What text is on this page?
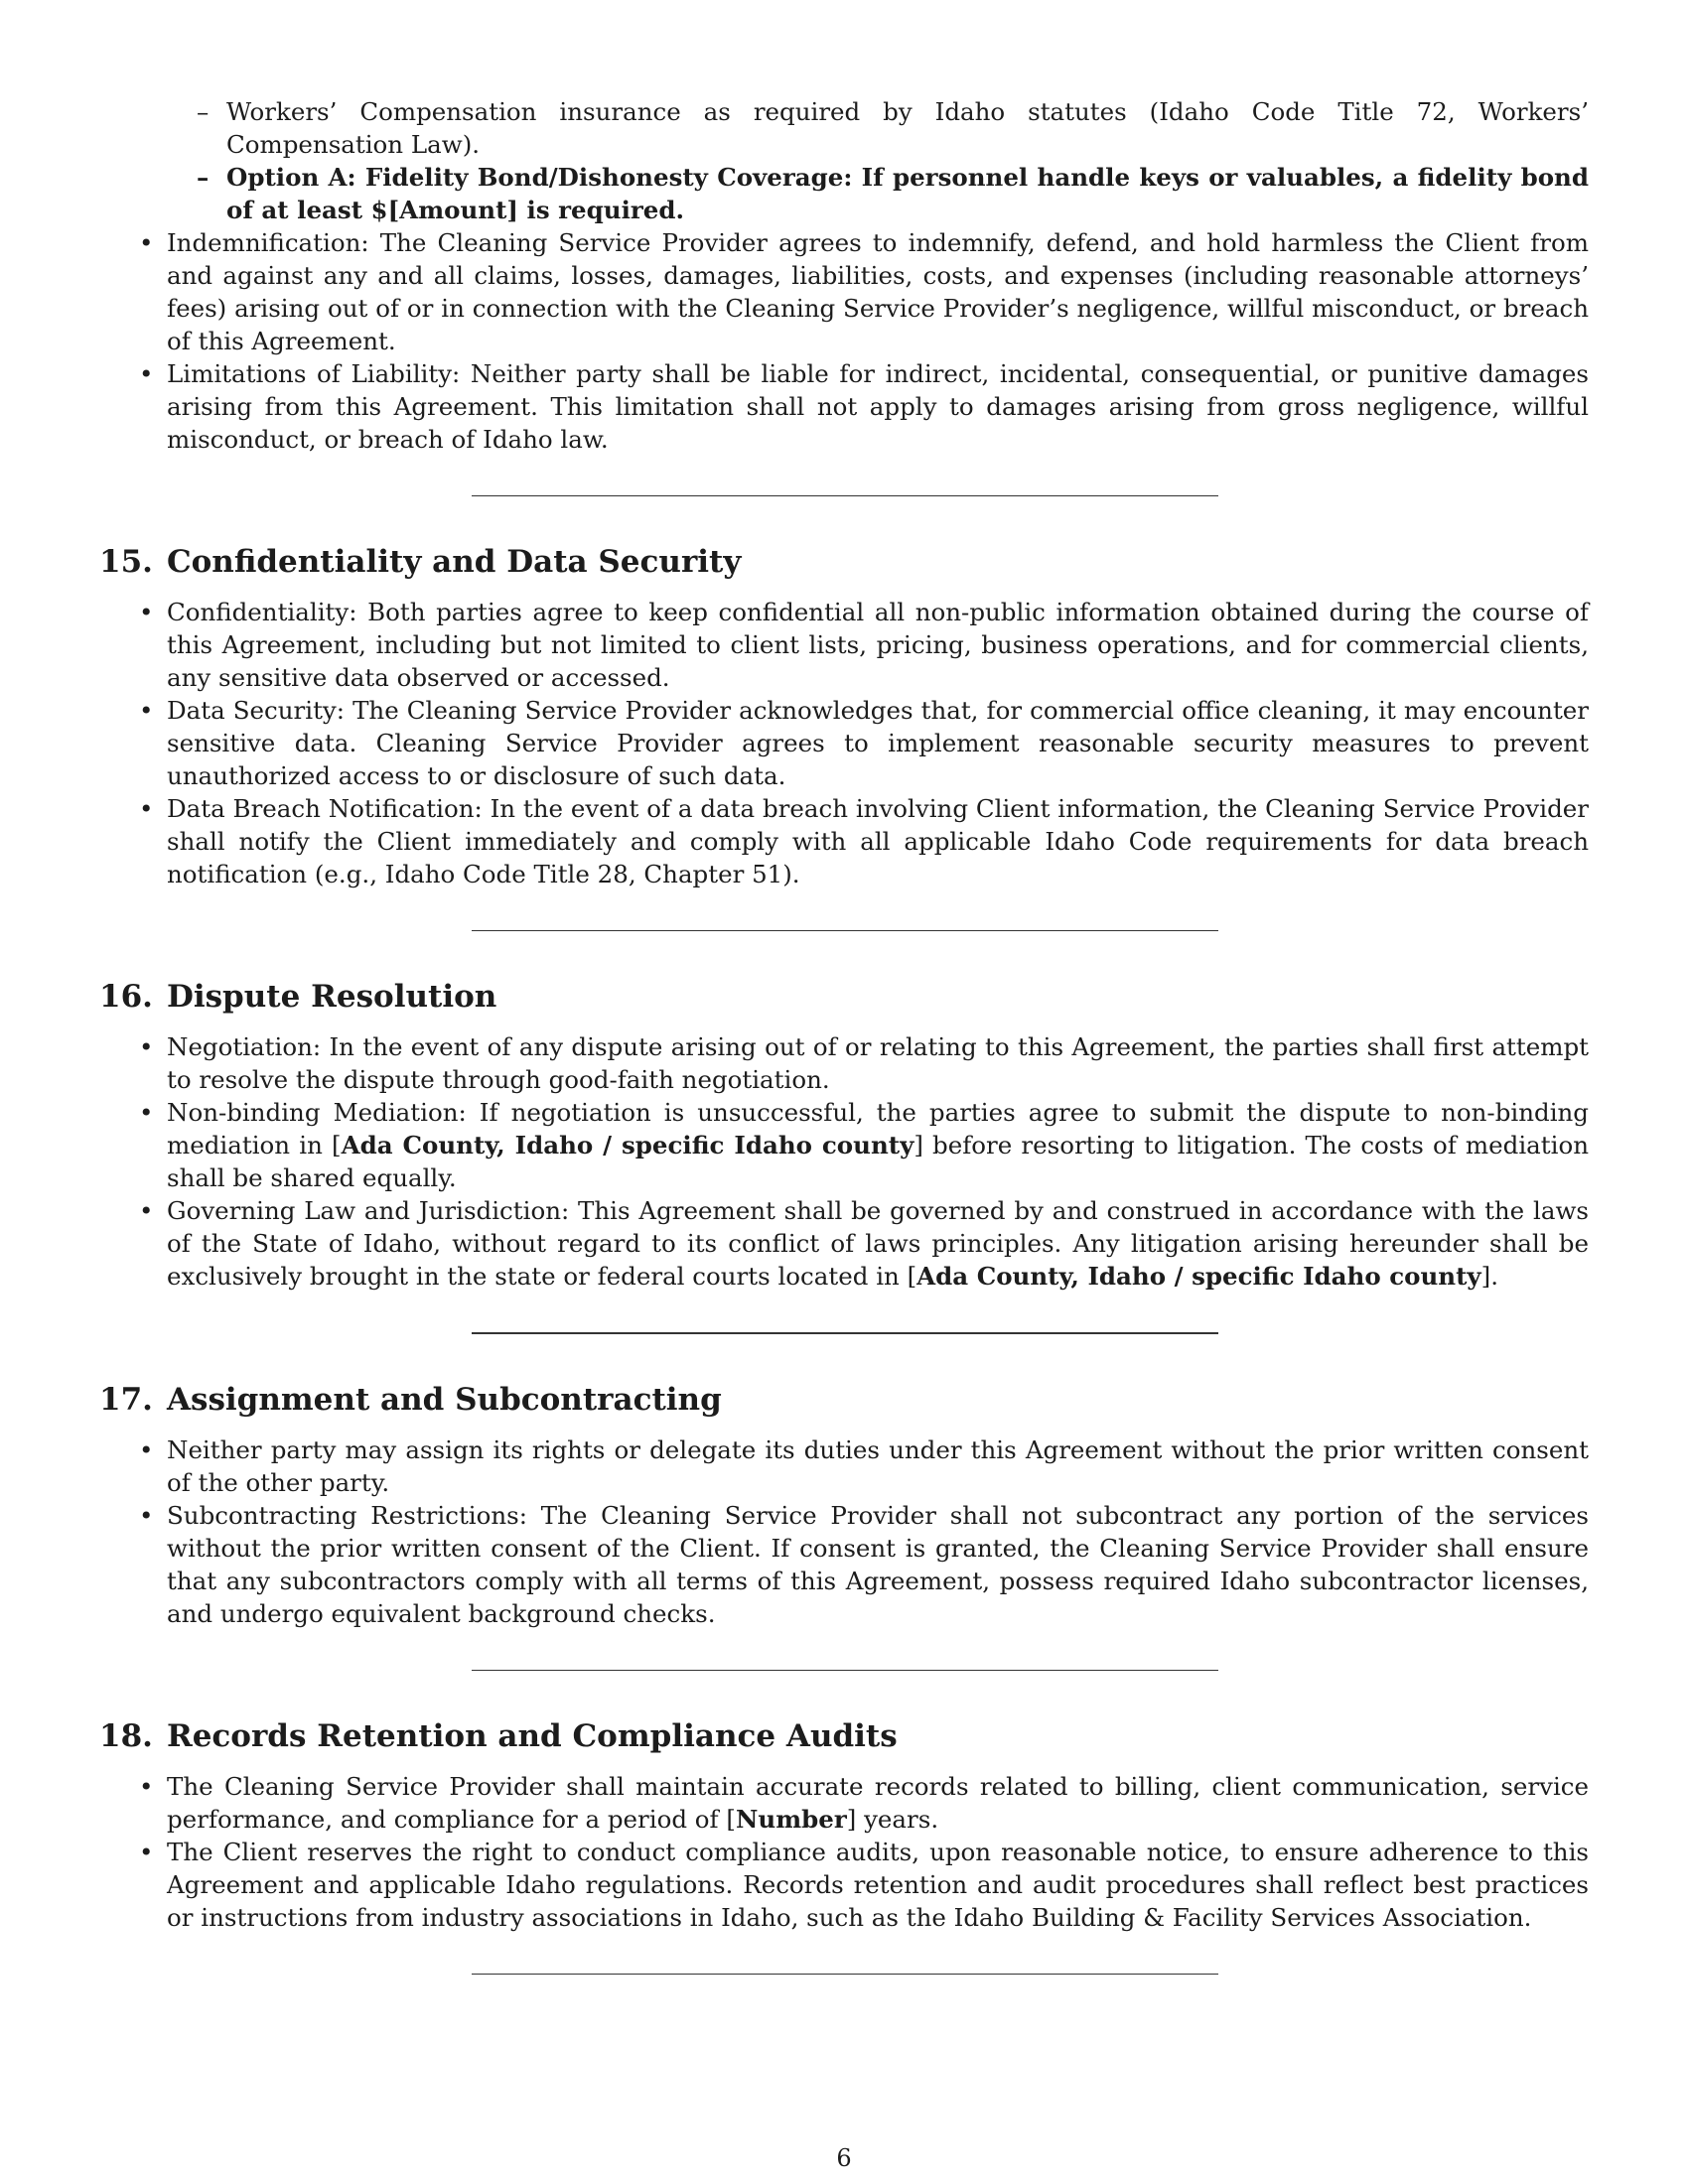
– Workers’ Compensation insurance as required by Idaho statutes (Idaho Code Title 72, Workers’ Compensation Law).
– Option A: Fidelity Bond/Dishonesty Coverage: If personnel handle keys or valuables, a fidelity bond of at least $[Amount] is required.
• Indemnification: The Cleaning Service Provider agrees to indemnify, defend, and hold harmless the Client from and against any and all claims, losses, damages, liabilities, costs, and expenses (including reasonable attorneys’ fees) arising out of or in connection with the Cleaning Service Provider’s negligence, willful misconduct, or breach of this Agreement.
• Limitations of Liability: Neither party shall be liable for indirect, incidental, consequential, or punitive damages arising from this Agreement. This limitation shall not apply to damages arising from gross negligence, willful misconduct, or breach of Idaho law.
15. Confidentiality and Data Security
• Confidentiality: Both parties agree to keep confidential all non-public information obtained during the course of this Agreement, including but not limited to client lists, pricing, business operations, and for commercial clients, any sensitive data observed or accessed.
• Data Security: The Cleaning Service Provider acknowledges that, for commercial office cleaning, it may encounter sensitive data. Cleaning Service Provider agrees to implement reasonable security measures to prevent unauthorized access to or disclosure of such data.
• Data Breach Notification: In the event of a data breach involving Client information, the Cleaning Service Provider shall notify the Client immediately and comply with all applicable Idaho Code requirements for data breach notification (e.g., Idaho Code Title 28, Chapter 51).
16. Dispute Resolution
• Negotiation: In the event of any dispute arising out of or relating to this Agreement, the parties shall first attempt to resolve the dispute through good-faith negotiation.
• Non-binding Mediation: If negotiation is unsuccessful, the parties agree to submit the dispute to non-binding mediation in [Ada County, Idaho / specific Idaho county] before resorting to litigation. The costs of mediation shall be shared equally.
• Governing Law and Jurisdiction: This Agreement shall be governed by and construed in accordance with the laws of the State of Idaho, without regard to its conflict of laws principles. Any litigation arising hereunder shall be exclusively brought in the state or federal courts located in [Ada County, Idaho / specific Idaho county].
17. Assignment and Subcontracting
• Neither party may assign its rights or delegate its duties under this Agreement without the prior written consent of the other party.
• Subcontracting Restrictions: The Cleaning Service Provider shall not subcontract any portion of the services without the prior written consent of the Client. If consent is granted, the Cleaning Service Provider shall ensure that any subcontractors comply with all terms of this Agreement, possess required Idaho subcontractor licenses, and undergo equivalent background checks.
18. Records Retention and Compliance Audits
• The Cleaning Service Provider shall maintain accurate records related to billing, client communication, service performance, and compliance for a period of [Number] years.
• The Client reserves the right to conduct compliance audits, upon reasonable notice, to ensure adherence to this Agreement and applicable Idaho regulations. Records retention and audit procedures shall reflect best practices or instructions from industry associations in Idaho, such as the Idaho Building & Facility Services Association.
6
